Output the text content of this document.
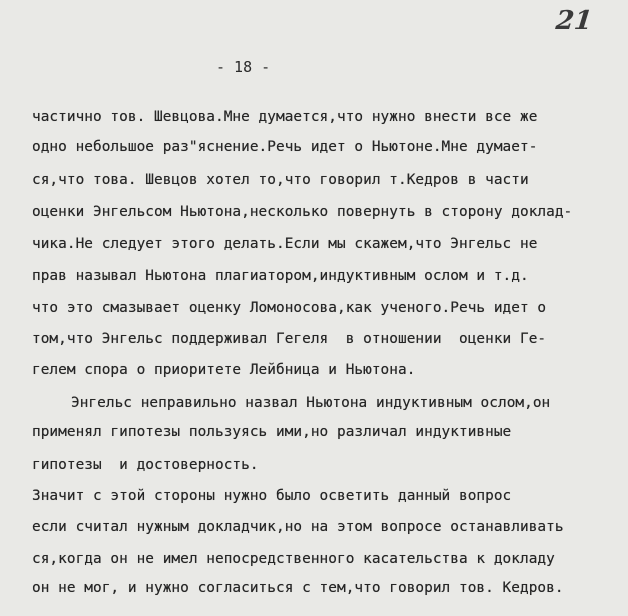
21
- 18 -
частично тов. Шевцова.Мне думается,что нужно внести все же
одно небольшое раз"яснение.Речь идет о Ньютоне.Мне думает-
ся,что това. Шевцов хотел то,что говорил т.Кедров в части
оценки Энгельсом Ньютона,несколько повернуть в сторону доклад-
чика.Не следует этого делать.Если мы скажем,что Энгельс не
прав называл Ньютона плагиатором,индуктивным ослом и т.д.
что это смазывает оценку Ломоносова,как ученого.Речь идет о
том,что Энгельс поддерживал Гегеля  в отношении  оценки Ге-
гелем спора о приоритете Лейбница и Ньютона.
Энгельс неправильно назвал Ньютона индуктивным ослом,он
применял гипотезы пользуясь ими,но различал индуктивные
гипотезы  и достоверность.
Значит с этой стороны нужно было осветить данный вопрос
если считал нужным докладчик,но на этом вопросе останавливать
ся,когда он не имел непосредственного касательства к докладу
он не мог, и нужно согласиться с тем,что говорил тов. Кедров.
